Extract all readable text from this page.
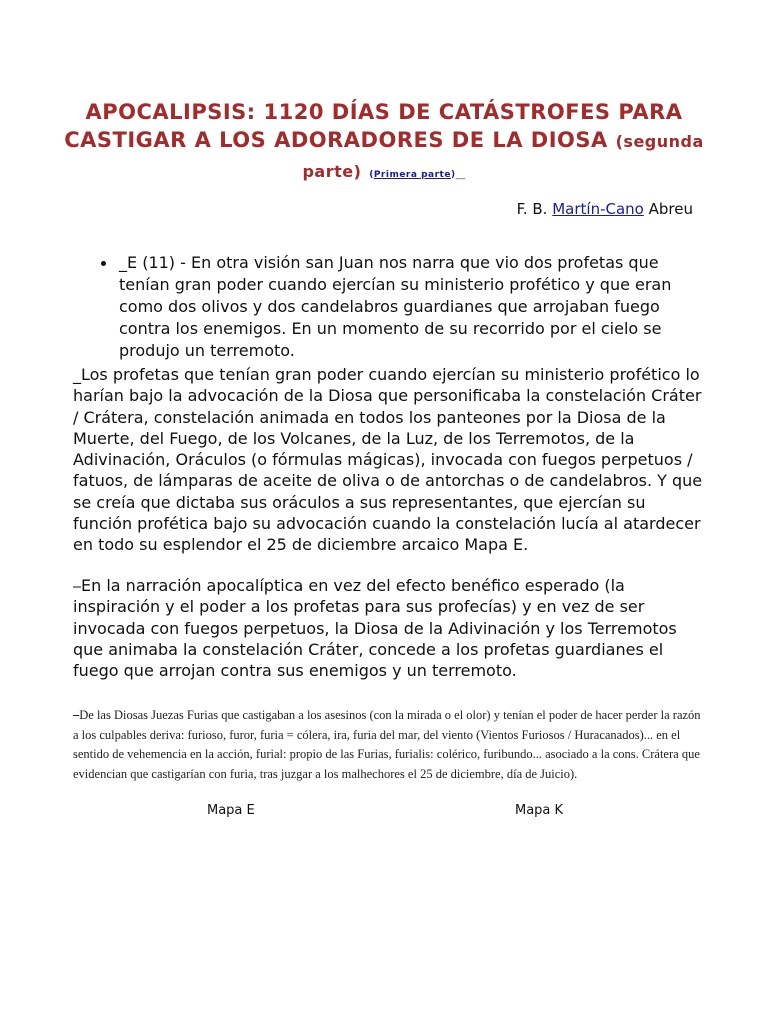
APOCALIPSIS: 1120 DÍAS DE CATÁSTROFES PARA CASTIGAR A LOS ADORADORES DE LA DIOSA (segunda parte) (Primera parte)__
F. B. Martín-Cano Abreu
_E (11) - En otra visión san Juan nos narra que vio dos profetas que tenían gran poder cuando ejercían su ministerio profético y que eran como dos olivos y dos candelabros guardianes que arrojaban fuego contra los enemigos. En un momento de su recorrido por el cielo se produjo un terremoto.

_Los profetas que tenían gran poder cuando ejercían su ministerio profético lo harían bajo la advocación de la Diosa que personificaba la constelación Cráter / Crátera, constelación animada en todos los panteones por la Diosa de la Muerte, del Fuego, de los Volcanes, de la Luz, de los Terremotos, de la Adivinación, Oráculos (o fórmulas mágicas), invocada con fuegos perpetuos / fatuos, de lámparas de aceite de oliva o de antorchas o de candelabros. Y que se creía que dictaba sus oráculos a sus representantes, que ejercían su función profética bajo su advocación cuando la constelación lucía al atardecer en todo su esplendor el 25 de diciembre arcaico Mapa E.

⎯En la narración apocalíptica en vez del efecto benéfico esperado (la inspiración y el poder a los profetas para sus profecías) y en vez de ser invocada con fuegos perpetuos, la Diosa de la Adivinación y los Terremotos que animaba la constelación Cráter, concede a los profetas guardianes el fuego que arrojan contra sus enemigos y un terremoto.

⎯De las Diosas Juezas Furias que castigaban a los asesinos (con la mirada o el olor) y tenían el poder de hacer perder la razón a los culpables deriva: furioso, furor, furia = cólera, ira, furia del mar, del viento (Vientos Furiosos / Huracanados)... en el sentido de vehemencia en la acción, furial: propio de las Furias, furialis: colérico, furibundo... asociado a la cons. Crátera que evidencian que castigarían con furia, tras juzgar a los malhechores el 25 de diciembre, día de Juicio).

Mapa E	Mapa K
